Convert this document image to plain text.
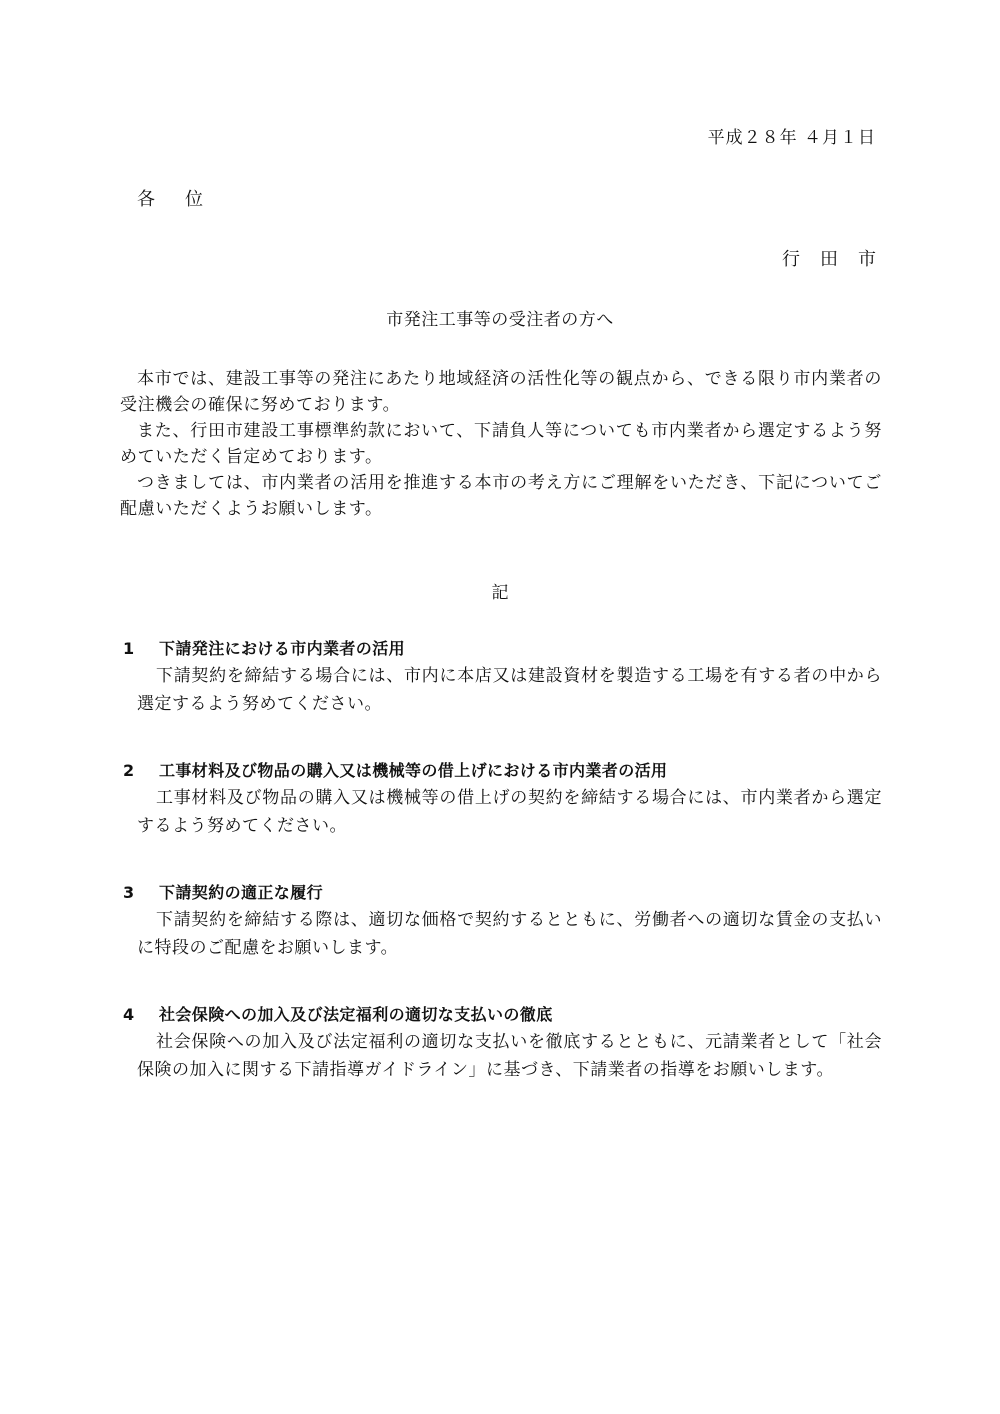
平成２８年 ４月１日
各位
行田市
市発注工事等の受注者の方へ

本市では、建設工事等の発注にあたり地域経済の活性化等の観点から、できる限り市内業者の受注機会の確保に努めております。

また、行田市建設工事標準約款において、下請負人等についても市内業者から選定するよう努めていただく旨定めております。

つきましては、市内業者の活用を推進する本市の考え方にご理解をいただき、下記についてご配慮いただくようお願いします。

記
1 下請発注における市内業者の活用

下請契約を締結する場合には、市内に本店又は建設資材を製造する工場を有する者の中から選定するよう努めてください。

2 工事材料及び物品の購入又は機械等の借上げにおける市内業者の活用

工事材料及び物品の購入又は機械等の借上げの契約を締結する場合には、市内業者から選定するよう努めてください。

3 下請契約の適正な履行

下請契約を締結する際は、適切な価格で契約するとともに、労働者への適切な賃金の支払いに特段のご配慮をお願いします。

4 社会保険への加入及び法定福利の適切な支払いの徹底

社会保険への加入及び法定福利の適切な支払いを徹底するとともに、元請業者として「社会保険の加入に関する下請指導ガイドライン」に基づき、下請業者の指導をお願いします。
